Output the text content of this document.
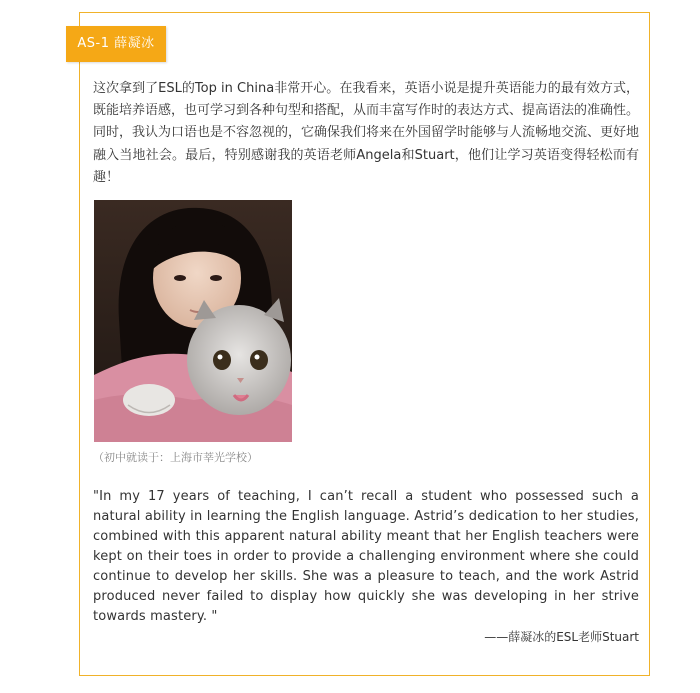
AS-1 薛凝冰
这次拿到了ESL的Top in China非常开心。在我看来，英语小说是提升英语能力的最有效方式，既能培养语感，也可学习到各种句型和搭配，从而丰富写作时的表达方式、提高语法的准确性。同时，我认为口语也是不容忽视的，它确保我们将来在外国留学时能够与人流畅地交流、更好地融入当地社会。最后，特别感谢我的英语老师Angela和Stuart，他们让学习英语变得轻松而有趣！
（初中就读于：上海市莘光学校）
"In my 17 years of teaching, I can’t recall a student who possessed such a natural ability in learning the English language. Astrid’s dedication to her studies, combined with this apparent natural ability meant that her English teachers were kept on their toes in order to provide a challenging environment where she could continue to develop her skills. She was a pleasure to teach, and the work Astrid produced never failed to display how quickly she was developing in her strive towards mastery. "
——薛凝冰的ESL老师Stuart
